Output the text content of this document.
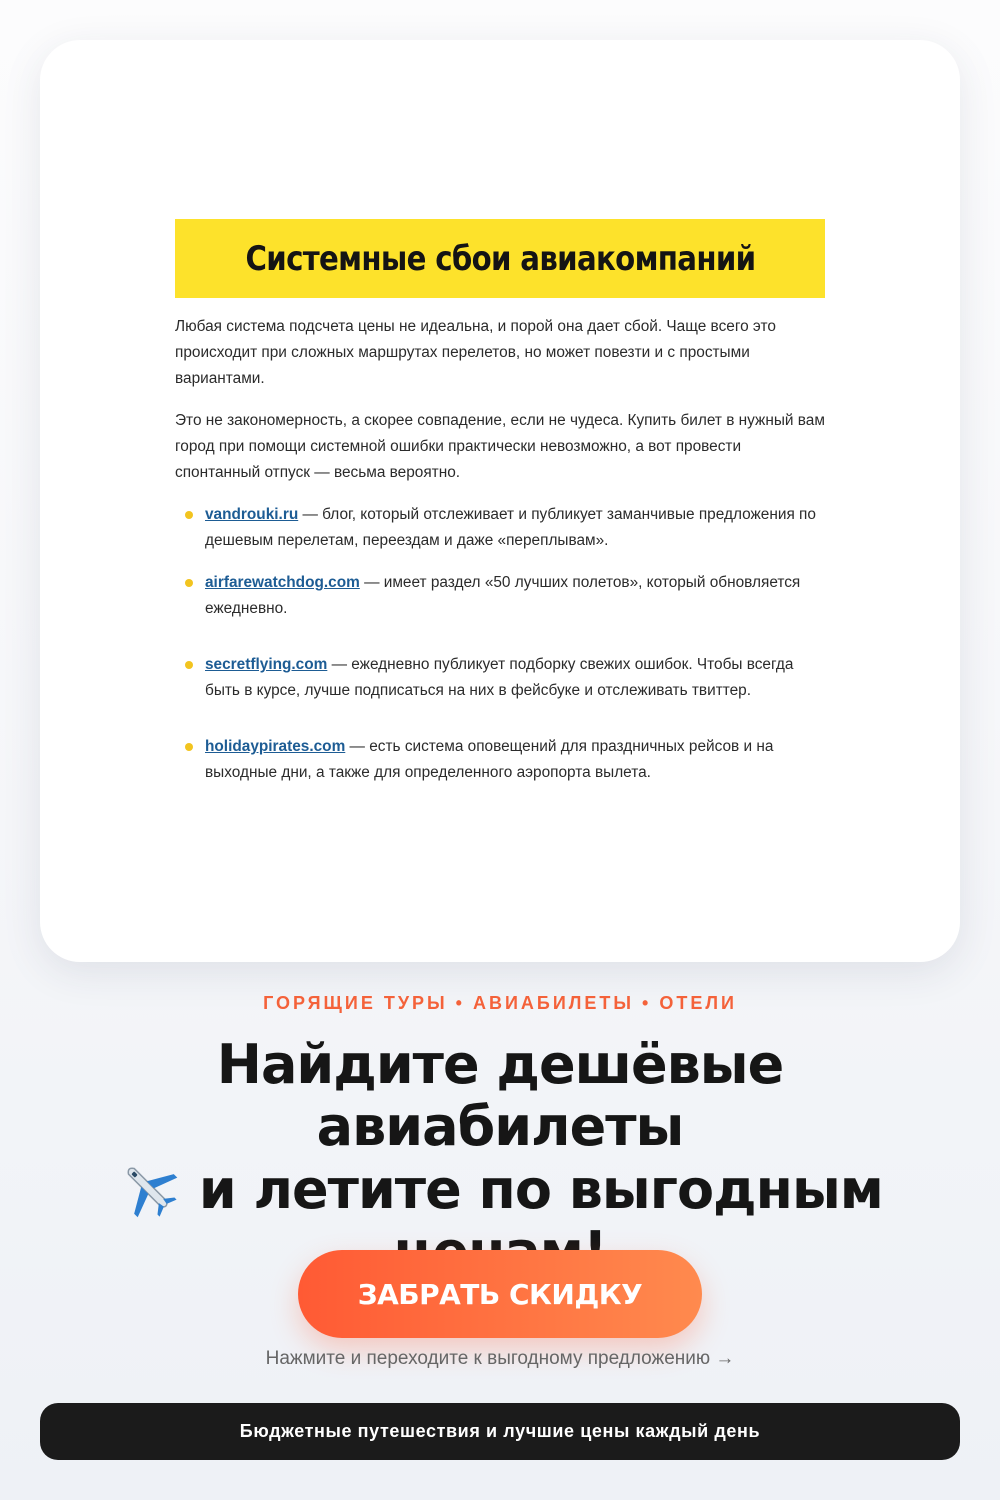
Системные сбои авиакомпаний

Любая система подсчета цены не идеальна, и порой она дает сбой. Чаще всего это происходит при сложных маршрутах перелетов, но может повезти и с простыми вариантами.

Это не закономерность, а скорее совпадение, если не чудеса. Купить билет в нужный вам город при помощи системной ошибки практически невозможно, а вот провести спонтанный отпуск — весьма вероятно.

vandrouki.ru — блог, который отслеживает и публикует заманчивые предложения по дешевым перелетам, переездам и даже «переплывам».
airfarewatchdog.com — имеет раздел «50 лучших полетов», который обновляется ежедневно.
secretflying.com — ежедневно публикует подборку свежих ошибок. Чтобы всегда быть в курсе, лучше подписаться на них в фейсбуке и отслеживать твиттер.
holidaypirates.com — есть система оповещений для праздничных рейсов и на выходные дни, а также для определенного аэропорта вылета.
ГОРЯЩИЕ ТУРЫ • АВИАБИЛЕТЫ • ОТЕЛИ
Найдите дешёвые авиабилеты
и летите по выгодным

ЗАБРАТЬ СКИДКУ
Нажмите и переходите к выгодному предложению →
Бюджетные путешествия и лучшие цены каждый день
